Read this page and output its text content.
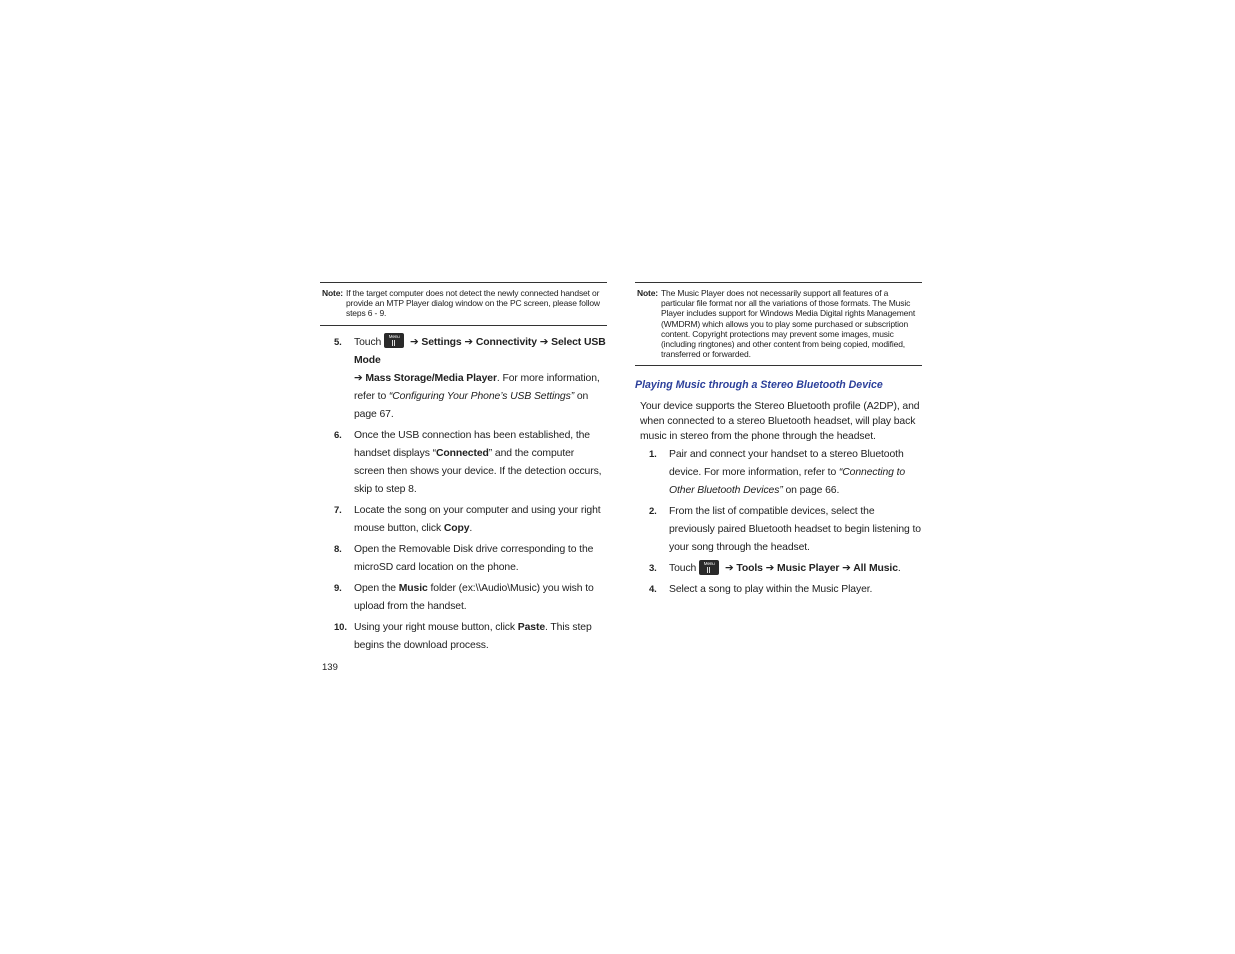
Note: If the target computer does not detect the newly connected handset or provide an MTP Player dialog window on the PC screen, please follow steps 6 - 9.
5.	Touch	Menu ➔ Settings ➔ Connectivity ➔ Select USB Mode
➔ Mass Storage/Media Player. For more information, refer to “Configuring Your Phone’s USB Settings” on page 67.
6.	Once the USB connection has been established, the handset displays “Connected” and the computer screen then shows your device. If the detection occurs, skip to step 8.
7.	Locate the song on your computer and using your right mouse button, click Copy.
8.	Open the Removable Disk drive corresponding to the microSD card location on the phone.
9.	Open the Music folder (ex:\\Audio\Music) you wish to upload from the handset.
10. Using your right mouse button, click Paste. This step begins the download process.
Note: The Music Player does not necessarily support all features of a particular file format nor all the variations of those formats. The Music Player includes support for Windows Media Digital rights Management (WMDRM) which allows you to play some purchased or subscription content. Copyright protections may prevent some images, music (including ringtones) and other content from being copied, modified, transferred or forwarded.
Playing Music through a Stereo Bluetooth Device
Your device supports the Stereo Bluetooth profile (A2DP), and when connected to a stereo Bluetooth headset, will play back music in stereo from the phone through the headset.
1.	Pair and connect your handset to a stereo Bluetooth device. For more information, refer to “Connecting to Other Bluetooth Devices” on page 66.
2.	From the list of compatible devices, select the previously paired Bluetooth headset to begin listening to your song through the headset.
3.	Touch	Menu ➔ Tools ➔ Music Player ➔ All Music.
4.	Select a song to play within the Music Player.
139
